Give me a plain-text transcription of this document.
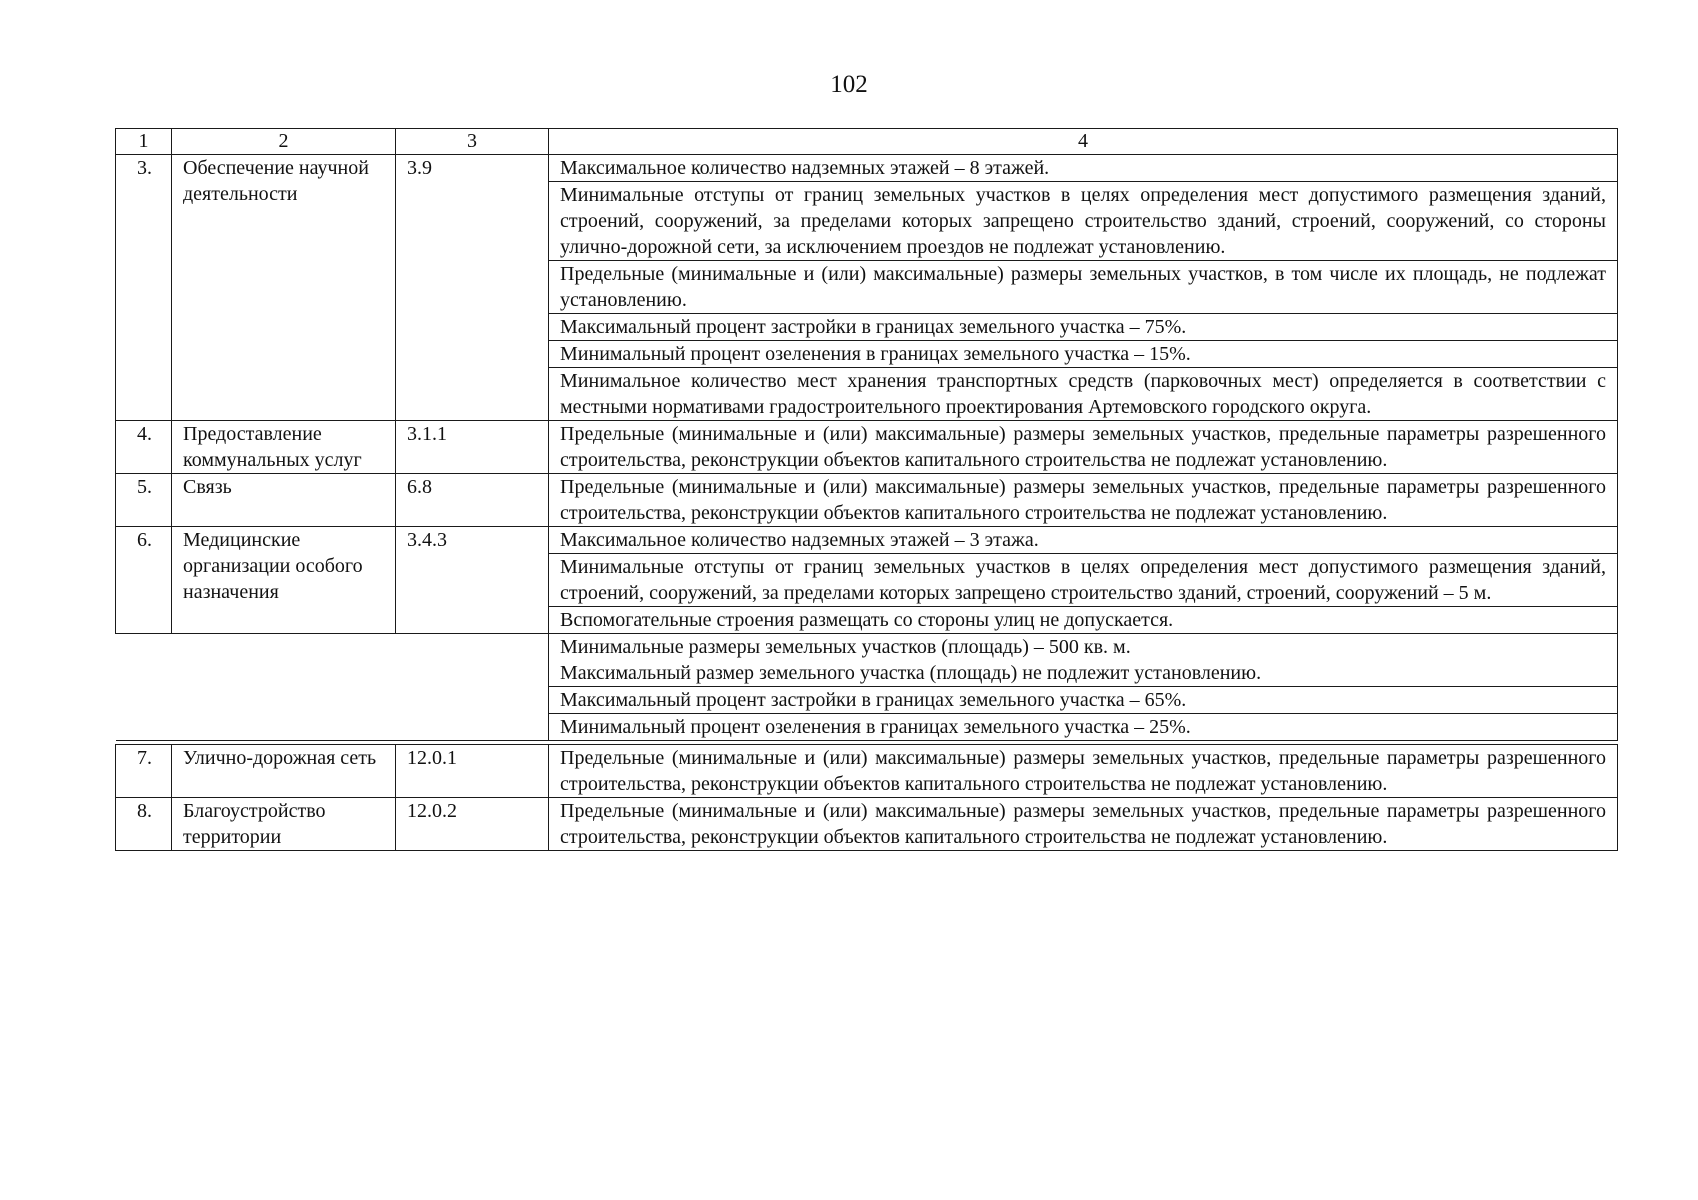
102
1	2	3	4
3.	Обеспечение научной деятельности	3.9	Максимальное количество надземных этажей – 8 этажей.
			Минимальные отступы от границ земельных участков в целях определения мест допустимого размещения зданий, строений, сооружений, за пределами которых запрещено строительство зданий, строений, сооружений, со стороны улично-дорожной сети, за исключением проездов не подлежат установлению.
			Предельные (минимальные и (или) максимальные) размеры земельных участков, в том числе их площадь, не подлежат установлению.
			Максимальный процент застройки в границах земельного участка – 75%.
			Минимальный процент озеленения в границах земельного участка – 15%.
			Минимальное количество мест хранения транспортных средств (парковочных мест) определяется в соответствии с местными нормативами градостроительного проектирования Артемовского городского округа.
4.	Предоставление коммунальных услуг	3.1.1	Предельные (минимальные и (или) максимальные) размеры земельных участков, предельные параметры разрешенного строительства, реконструкции объектов капитального строительства не подлежат установлению.
5.	Связь	6.8	Предельные (минимальные и (или) максимальные) размеры земельных участков, предельные параметры разрешенного строительства, реконструкции объектов капитального строительства не подлежат установлению.
6.	Медицинские организации особого назначения	3.4.3	Максимальное количество надземных этажей – 3 этажа.
			Минимальные отступы от границ земельных участков в целях определения мест допустимого размещения зданий, строений, сооружений, за пределами которых запрещено строительство зданий, строений, сооружений – 5 м.
			Вспомогательные строения размещать со стороны улиц не допускается.

			Минимальные размеры земельных участков (площадь) – 500 кв. м.
Максимальный размер земельного участка (площадь) не подлежит установлению.

			Максимальный процент застройки в границах земельного участка – 65%.
			Минимальный процент озеленения в границах земельного участка – 25%.

7.	Улично-дорожная сеть	12.0.1	Предельные (минимальные и (или) максимальные) размеры земельных участков, предельные параметры разрешенного строительства, реконструкции объектов капитального строительства не подлежат установлению.
8.	Благоустройство территории	12.0.2	Предельные (минимальные и (или) максимальные) размеры земельных участков, предельные параметры разрешенного строительства, реконструкции объектов капитального строительства не подлежат установлению.
